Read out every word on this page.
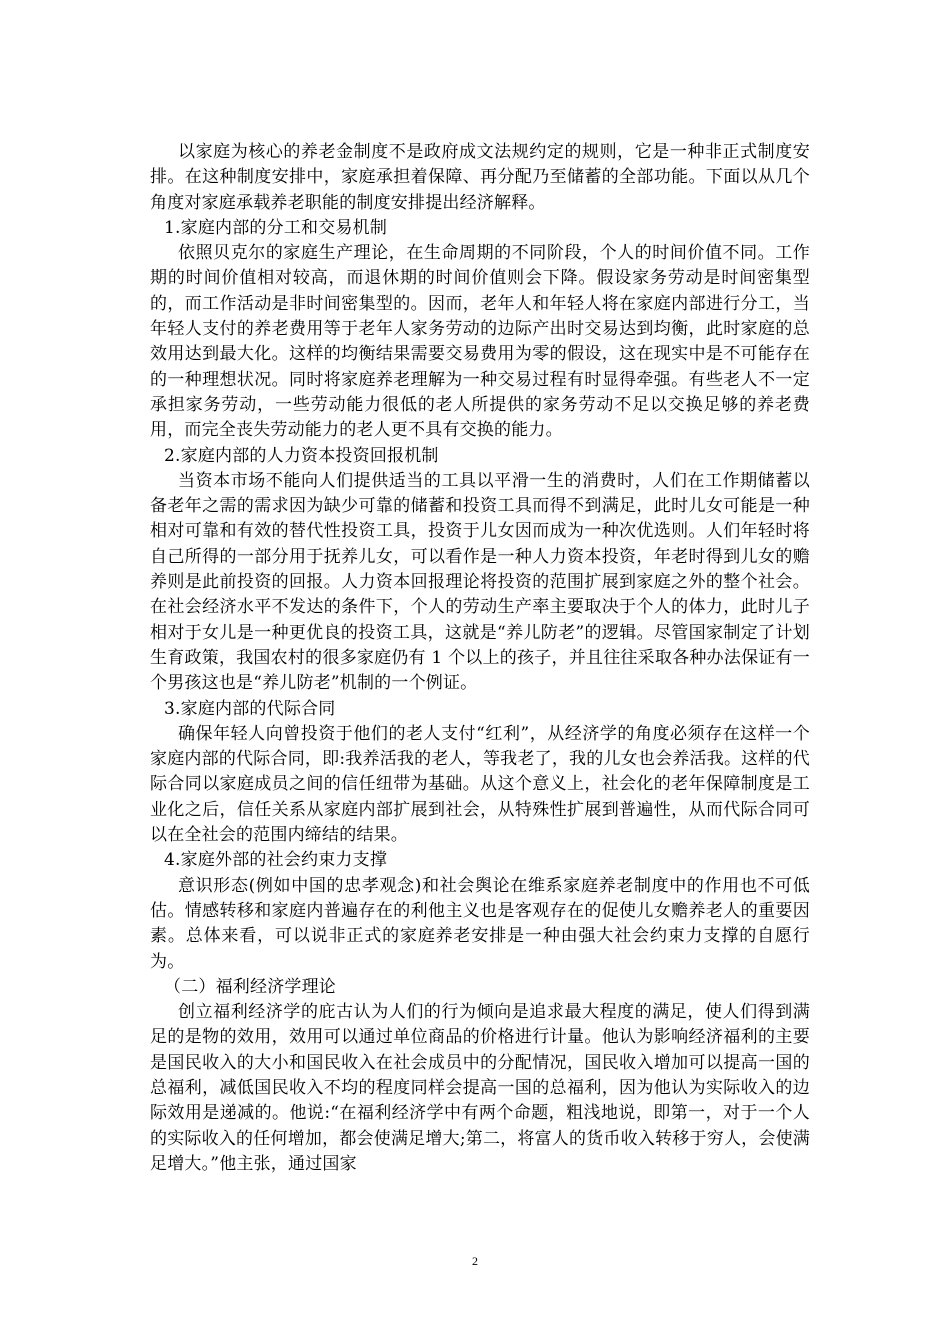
以家庭为核心的养老金制度不是政府成文法规约定的规则，它是一种非正式制度安排。在这种制度安排中，家庭承担着保障、再分配乃至储蓄的全部功能。下面以从几个角度对家庭承载养老职能的制度安排提出经济解释。

1.家庭内部的分工和交易机制

依照贝克尔的家庭生产理论，在生命周期的不同阶段，个人的时间价值不同。工作期的时间价值相对较高，而退休期的时间价值则会下降。假设家务劳动是时间密集型的，而工作活动是非时间密集型的。因而，老年人和年轻人将在家庭内部进行分工，当年轻人支付的养老费用等于老年人家务劳动的边际产出时交易达到均衡，此时家庭的总效用达到最大化。这样的均衡结果需要交易费用为零的假设，这在现实中是不可能存在的一种理想状况。同时将家庭养老理解为一种交易过程有时显得牵强。有些老人不一定承担家务劳动，一些劳动能力很低的老人所提供的家务劳动不足以交换足够的养老费用，而完全丧失劳动能力的老人更不具有交换的能力。

2.家庭内部的人力资本投资回报机制

当资本市场不能向人们提供适当的工具以平滑一生的消费时，人们在工作期储蓄以备老年之需的需求因为缺少可靠的储蓄和投资工具而得不到满足，此时儿女可能是一种相对可靠和有效的替代性投资工具，投资于儿女因而成为一种次优选则。人们年轻时将自己所得的一部分用于抚养儿女，可以看作是一种人力资本投资，年老时得到儿女的赡养则是此前投资的回报。人力资本回报理论将投资的范围扩展到家庭之外的整个社会。在社会经济水平不发达的条件下，个人的劳动生产率主要取决于个人的体力，此时儿子相对于女儿是一种更优良的投资工具，这就是“养儿防老”的逻辑。尽管国家制定了计划生育政策，我国农村的很多家庭仍有 1 个以上的孩子，并且往往采取各种办法保证有一个男孩这也是“养儿防老”机制的一个例证。

3.家庭内部的代际合同

确保年轻人向曾投资于他们的老人支付“红利”，从经济学的角度必须存在这样一个家庭内部的代际合同，即:我养活我的老人，等我老了，我的儿女也会养活我。这样的代际合同以家庭成员之间的信任纽带为基础。从这个意义上，社会化的老年保障制度是工业化之后，信任关系从家庭内部扩展到社会，从特殊性扩展到普遍性，从而代际合同可以在全社会的范围内缔结的结果。

4.家庭外部的社会约束力支撑

意识形态(例如中国的忠孝观念)和社会舆论在维系家庭养老制度中的作用也不可低估。情感转移和家庭内普遍存在的利他主义也是客观存在的促使儿女赡养老人的重要因素。总体来看，可以说非正式的家庭养老安排是一种由强大社会约束力支撑的自愿行为。

（二）福利经济学理论

创立福利经济学的庇古认为人们的行为倾向是追求最大程度的满足，使人们得到满足的是物的效用，效用可以通过单位商品的价格进行计量。他认为影响经济福利的主要是国民收入的大小和国民收入在社会成员中的分配情况，国民收入增加可以提高一国的总福利，减低国民收入不均的程度同样会提高一国的总福利，因为他认为实际收入的边际效用是递减的。他说:“在福利经济学中有两个命题，粗浅地说，即第一，对于一个人的实际收入的任何增加，都会使满足增大;第二，将富人的货币收入转移于穷人，会使满足增大。”他主张，通过国家

2
